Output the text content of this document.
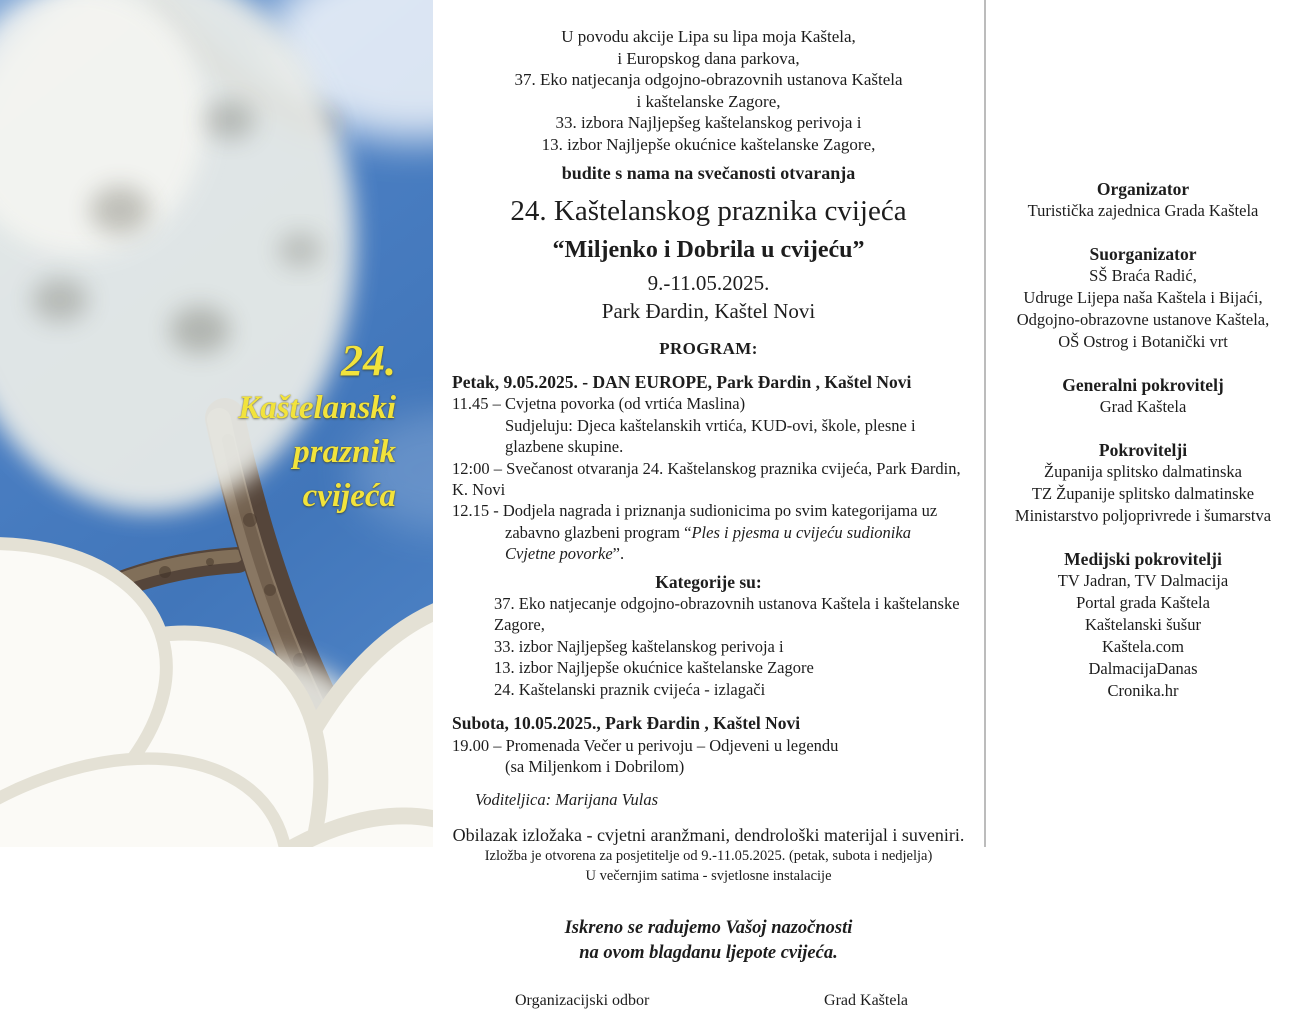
24.
Kaštelanski
praznik
cvijeća
U povodu akcije Lipa su lipa moja Kaštela,
i Europskog dana parkova,
37. Eko natjecanja odgojno-obrazovnih ustanova Kaštela
i kaštelanske Zagore,
33. izbora Najljepšeg kaštelanskog perivoja i
13. izbor Najljepše okućnice kaštelanske Zagore,
budite s nama na svečanosti otvaranja
24. Kaštelanskog praznika cvijeća
“Miljenko i Dobrila u cvijeću”
9.-11.05.2025.
Park Đardin, Kaštel Novi
PROGRAM:
Petak, 9.05.2025. - DAN EUROPE, Park Đardin , Kaštel Novi
11.45 – Cvjetna povorka (od vrtića Maslina)
Sudjeluju: Djeca kaštelanskih vrtića, KUD-ovi, škole, plesne i glazbene skupine.
12:00 – Svečanost otvaranja 24. Kaštelanskog praznika cvijeća, Park Đardin, K. Novi
12.15 - Dodjela nagrada i priznanja sudionicima po svim kategorijama uz
zabavno glazbeni program “Ples i pjesma u cvijeću sudionika Cvjetne povorke”.
Kategorije su:
37. Eko natjecanje odgojno-obrazovnih ustanova Kaštela i kaštelanske Zagore,
33. izbor Najljepšeg kaštelanskog perivoja i
13. izbor Najljepše okućnice kaštelanske Zagore
24. Kaštelanski praznik cvijeća - izlagači
Subota, 10.05.2025., Park Đardin , Kaštel Novi
19.00 – Promenada Večer u perivoju – Odjeveni u legendu
(sa Miljenkom i Dobrilom)
Voditeljica: Marijana Vulas
Obilazak izložaka - cvjetni aranžmani, dendrološki materijal i suveniri.
Izložba je otvorena za posjetitelje od 9.-11.05.2025. (petak, subota i nedjelja)
U večernjim satima - svjetlosne instalacije
Iskreno se radujemo Vašoj nazočnosti
na ovom blagdanu ljepote cvijeća.
Organizacijski odbor	Grad Kaštela
Organizator
Turistička zajednica Grada Kaštela
Suorganizator
SŠ Braća Radić,
Udruge Lijepa naša Kaštela i Bijaći,
Odgojno-obrazovne ustanove Kaštela,
OŠ Ostrog i Botanički vrt
Generalni pokrovitelj
Grad Kaštela
Pokrovitelji
Županija splitsko dalmatinska
TZ Županije splitsko dalmatinske
Ministarstvo poljoprivrede i šumarstva
Medijski pokrovitelji
TV Jadran, TV Dalmacija
Portal grada Kaštela
Kaštelanski šušur
Kaštela.com
DalmacijaDanas
Cronika.hr
